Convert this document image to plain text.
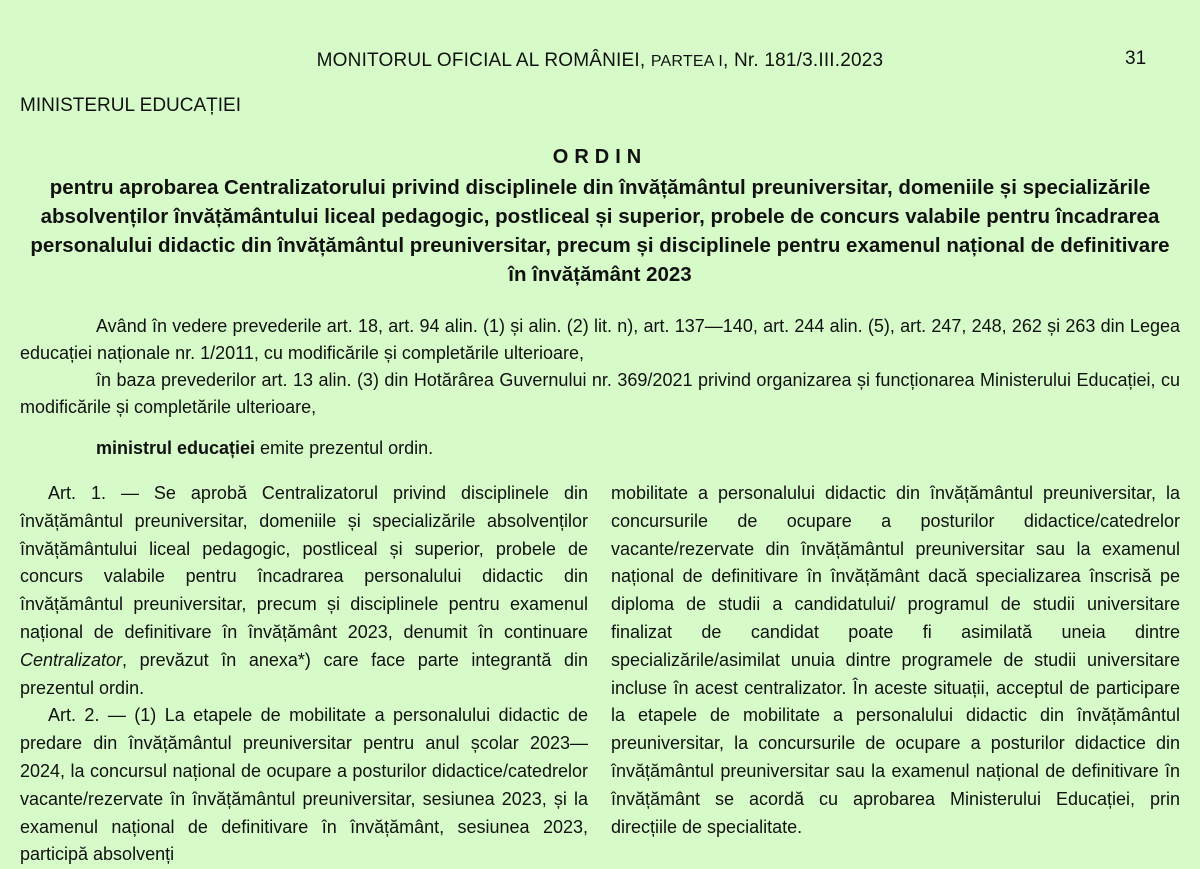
MONITORUL OFICIAL AL ROMÂNIEI, PARTEA I, Nr. 181/3.III.2023	31
MINISTERUL EDUCAȚIEI
ORDIN
pentru aprobarea Centralizatorului privind disciplinele din învățământul preuniversitar, domeniile și specializările absolvenților învățământului liceal pedagogic, postliceal și superior, probele de concurs valabile pentru încadrarea personalului didactic din învățământul preuniversitar, precum și disciplinele pentru examenul național de definitivare în învățământ 2023

Având în vedere prevederile art. 18, art. 94 alin. (1) și alin. (2) lit. n), art. 137—140, art. 244 alin. (5), art. 247, 248, 262 și 263 din Legea educației naționale nr. 1/2011, cu modificările și completările ulterioare,

în baza prevederilor art. 13 alin. (3) din Hotărârea Guvernului nr. 369/2021 privind organizarea și funcționarea Ministerului Educației, cu modificările și completările ulterioare,

ministrul educației emite prezentul ordin.

Art. 1. — Se aprobă Centralizatorul privind disciplinele din învățământul preuniversitar, domeniile și specializările absolvenților învățământului liceal pedagogic, postliceal și superior, probele de concurs valabile pentru încadrarea personalului didactic din învățământul preuniversitar, precum și disciplinele pentru examenul național de definitivare în învățământ 2023, denumit în continuare Centralizator, prevăzut în anexa*) care face parte integrantă din prezentul ordin.

Art. 2. — (1) La etapele de mobilitate a personalului didactic de predare din învățământul preuniversitar pentru anul școlar 2023—2024, la concursul național de ocupare a posturilor didactice/catedrelor vacante/rezervate în învățământul preuniversitar, sesiunea 2023, și la examenul național de definitivare în învățământ, sesiunea 2023, participă absolvenți

mobilitate a personalului didactic din învățământul preuniversitar, la concursurile de ocupare a posturilor didactice/catedrelor vacante/rezervate din învățământul preuniversitar sau la examenul național de definitivare în învățământ dacă specializarea înscrisă pe diploma de studii a candidatului/ programul de studii universitare finalizat de candidat poate fi asimilată uneia dintre specializările/asimilat unuia dintre programele de studii universitare incluse în acest centralizator. În aceste situații, acceptul de participare la etapele de mobilitate a personalului didactic din învățământul preuniversitar, la concursurile de ocupare a posturilor didactice din învățământul preuniversitar sau la examenul național de definitivare în învățământ se acordă cu aprobarea Ministerului Educației, prin direcțiile de specialitate.
